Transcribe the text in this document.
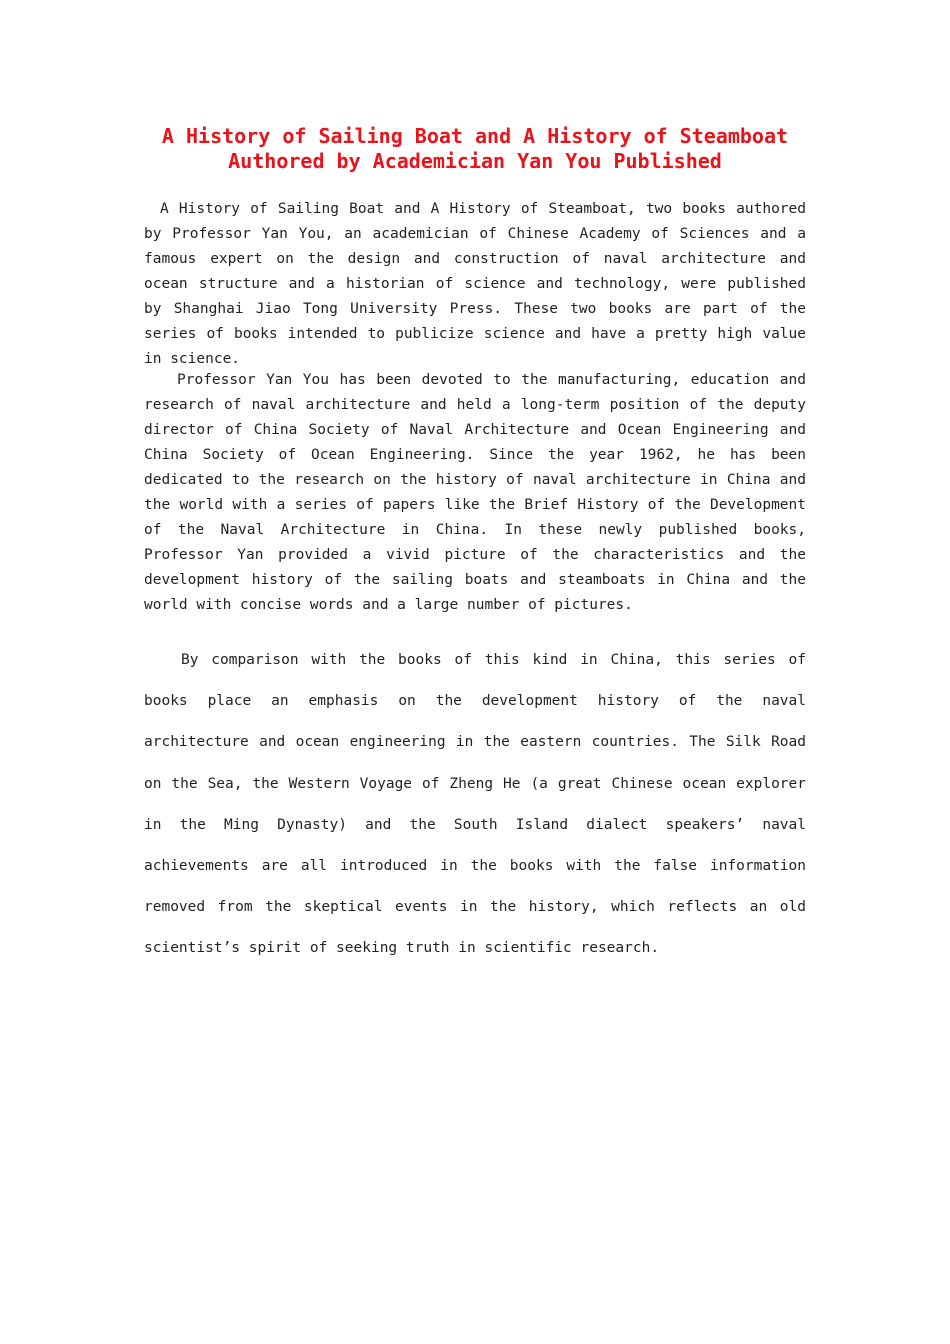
A History of Sailing Boat and A History of Steamboat
Authored by Academician Yan You Published

A History of Sailing Boat and A History of Steamboat, two books authored by Professor Yan You, an academician of Chinese Academy of Sciences and a famous expert on the design and construction of naval architecture and ocean structure and a historian of science and technology, were published by Shanghai Jiao Tong University Press. These two books are part of the series of books intended to publicize science and have a pretty high value in science.

Professor Yan You has been devoted to the manufacturing, education and research of naval architecture and held a long-term position of the deputy director of China Society of Naval Architecture and Ocean Engineering and China Society of Ocean Engineering. Since the year 1962, he has been dedicated to the research on the history of naval architecture in China and the world with a series of papers like the Brief History of the Development of the Naval Architecture in China. In these newly published books, Professor Yan provided a vivid picture of the characteristics and the development history of the sailing boats and steamboats in China and the world with concise words and a large number of pictures.

By comparison with the books of this kind in China, this series of books place an emphasis on the development history of the naval architecture and ocean engineering in the eastern countries. The Silk Road on the Sea, the Western Voyage of Zheng He (a great Chinese ocean explorer in the Ming Dynasty) and the South Island dialect speakers’ naval achievements are all introduced in the books with the false information removed from the skeptical events in the history, which reflects an old scientist’s spirit of seeking truth in scientific research.
